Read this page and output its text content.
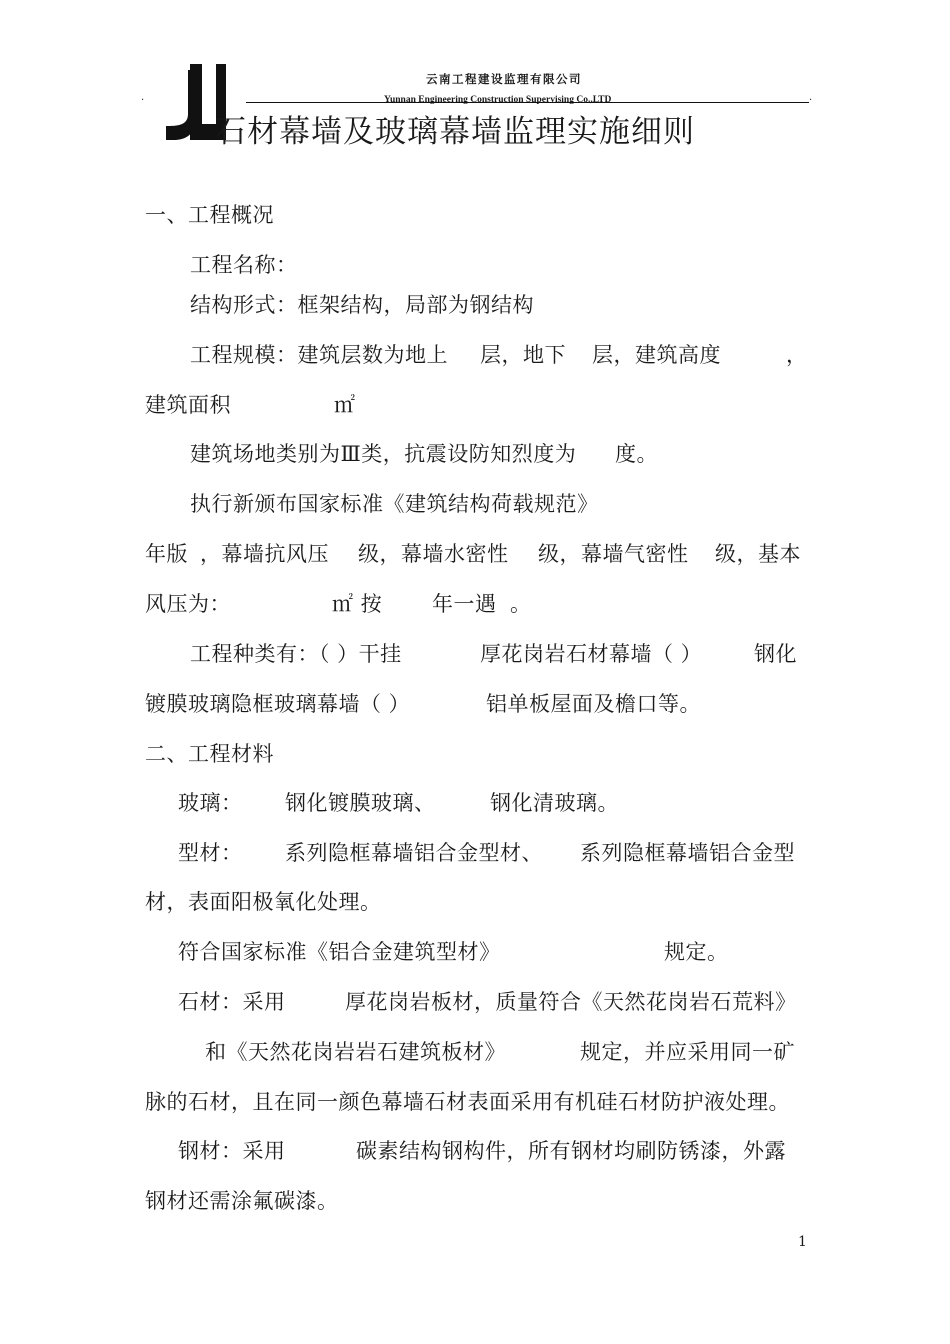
云南工程建设监理有限公司
Yunnan Engineering Construction Supervising Co.,LTD
.	.
石材幕墙及玻璃幕墙监理实施细则
一、工程概况
工程名称：
结构形式：框架结构，局部为钢结构
工程规模：建筑层数为地上 层，地下 层，建筑高度	，
建筑面积	㎡
建筑场地类别为Ⅲ类，抗震设防知烈度为 度。
执行新颁布国家标准《建筑结构荷载规范》
年版 ，幕墙抗风压 级，幕墙水密性 级，幕墙气密性 级，基本
风压为：	㎡ 按 年一遇 。
工程种类有：（ ）干挂	厚花岗岩石材幕墙（ ） 钢化
镀膜玻璃隐框玻璃幕墙（ ）	铝单板屋面及檐口等。
二、工程材料
玻璃： 钢化镀膜玻璃、	钢化清玻璃。
型材： 系列隐框幕墙铝合金型材、 系列隐框幕墙铝合金型
材，表面阳极氧化处理。
符合国家标准《铝合金建筑型材》	规定。
石材：采用	厚花岗岩板材，质量符合《天然花岗岩石荒料》
和《天然花岗岩岩石建筑板材》	规定，并应采用同一矿
脉的石材，且在同一颜色幕墙石材表面采用有机硅石材防护液处理。
钢材：采用	碳素结构钢构件，所有钢材均刷防锈漆，外露
钢材还需涂氟碳漆。
1
